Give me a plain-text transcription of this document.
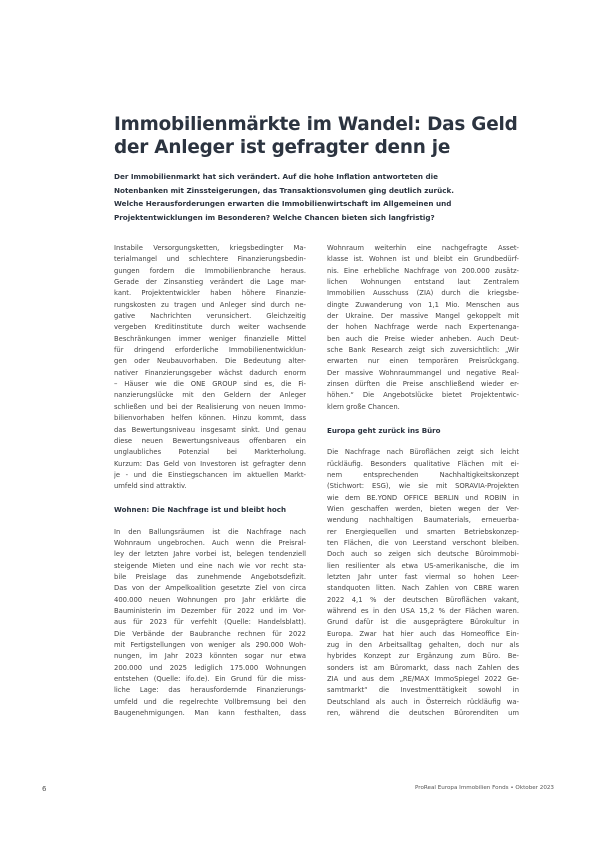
Immobilienmärkte im Wandel: Das Geld
der Anleger ist gefragter denn je
Der Immobilienmarkt hat sich verändert. Auf die hohe Inflation antworteten die
Notenbanken mit Zinssteigerungen, das Transaktionsvolumen ging deutlich zurück.
Welche Herausforderungen erwarten die Immobilienwirtschaft im Allgemeinen und
Projektentwicklungen im Besonderen? Welche Chancen bieten sich langfristig?
Instabile Versorgungsketten, kriegsbedingter Ma-
terialmangel und schlechtere Finanzierungsbedin-
gungen fordern die Immobilienbranche heraus.
Gerade der Zinsanstieg verändert die Lage mar-
kant. Projektentwickler haben höhere Finanzie-
rungskosten zu tragen und Anleger sind durch ne-
gative Nachrichten verunsichert. Gleichzeitig
vergeben Kreditinstitute durch weiter wachsende
Beschränkungen immer weniger finanzielle Mittel
für dringend erforderliche Immobilienentwicklun-
gen oder Neubauvorhaben. Die Bedeutung alter-
nativer Finanzierungsgeber wächst dadurch enorm
– Häuser wie die ONE GROUP sind es, die Fi-
nanzierungslücke mit den Geldern der Anleger
schließen und bei der Realisierung von neuen Immo-
bilienvorhaben helfen können. Hinzu kommt, dass
das Bewertungsniveau insgesamt sinkt. Und genau
diese neuen Bewertungsniveaus offenbaren ein
unglaubliches Potenzial bei Markterholung.
Kurzum: Das Geld von Investoren ist gefragter denn
je - und die Einstiegschancen im aktuellen Markt-
umfeld sind attraktiv.
Wohnen: Die Nachfrage ist und bleibt hoch
In den Ballungsräumen ist die Nachfrage nach
Wohnraum ungebrochen. Auch wenn die Preisral-
ley der letzten Jahre vorbei ist, belegen tendenziell
steigende Mieten und eine nach wie vor recht sta-
bile Preislage das zunehmende Angebotsdefizit.
Das von der Ampelkoalition gesetzte Ziel von circa
400.000 neuen Wohnungen pro Jahr erklärte die
Bauministerin im Dezember für 2022 und im Vor-
aus für 2023 für verfehlt (Quelle: Handelsblatt).
Die Verbände der Baubranche rechnen für 2022
mit Fertigstellungen von weniger als 290.000 Woh-
nungen, im Jahr 2023 könnten sogar nur etwa
200.000 und 2025 lediglich 175.000 Wohnungen
entstehen (Quelle: ifo.de). Ein Grund für die miss-
liche Lage: das herausfordernde Finanzierungs-
umfeld und die regelrechte Vollbremsung bei den
Baugenehmigungen. Man kann festhalten, dass
Wohnraum weiterhin eine nachgefragte Asset-
klasse ist. Wohnen ist und bleibt ein Grundbedürf-
nis. Eine erhebliche Nachfrage von 200.000 zusätz-
lichen Wohnungen entstand laut Zentralem
Immobilien Ausschuss (ZIA) durch die kriegsbe-
dingte Zuwanderung von 1,1 Mio. Menschen aus
der Ukraine. Der massive Mangel gekoppelt mit
der hohen Nachfrage werde nach Expertenanga-
ben auch die Preise wieder anheben. Auch Deut-
sche Bank Research zeigt sich zuversichtlich: „Wir
erwarten nur einen temporären Preisrückgang.
Der massive Wohnraummangel und negative Real-
zinsen dürften die Preise anschließend wieder er-
höhen.“ Die Angebotslücke bietet Projektentwic-
klern große Chancen.
Europa geht zurück ins Büro
Die Nachfrage nach Büroflächen zeigt sich leicht
rückläufig. Besonders qualitative Flächen mit ei-
nem entsprechenden Nachhaltigkeitskonzept
(Stichwort: ESG), wie sie mit SORAVIA-Projekten
wie dem BE.YOND OFFICE BERLIN und ROBIN in
Wien geschaffen werden, bieten wegen der Ver-
wendung nachhaltigen Baumaterials, erneuerba-
rer Energiequellen und smarten Betriebskonzep-
ten Flächen, die von Leerstand verschont bleiben.
Doch auch so zeigen sich deutsche Büroimmobi-
lien resilienter als etwa US-amerikanische, die im
letzten Jahr unter fast viermal so hohen Leer-
standquoten litten. Nach Zahlen von CBRE waren
2022 4,1 % der deutschen Büroflächen vakant,
während es in den USA 15,2 % der Flächen waren.
Grund dafür ist die ausgeprägtere Bürokultur in
Europa. Zwar hat hier auch das Homeoffice Ein-
zug in den Arbeitsalltag gehalten, doch nur als
hybrides Konzept zur Ergänzung zum Büro. Be-
sonders ist am Büromarkt, dass nach Zahlen des
ZIA und aus dem „RE/MAX ImmoSpiegel 2022 Ge-
samtmarkt“ die Investmenttätigkeit sowohl in
Deutschland als auch in Österreich rückläufig wa-
ren, während die deutschen Bürorenditen um
6	ProReal Europa Immobilien Fonds • Oktober 2023
